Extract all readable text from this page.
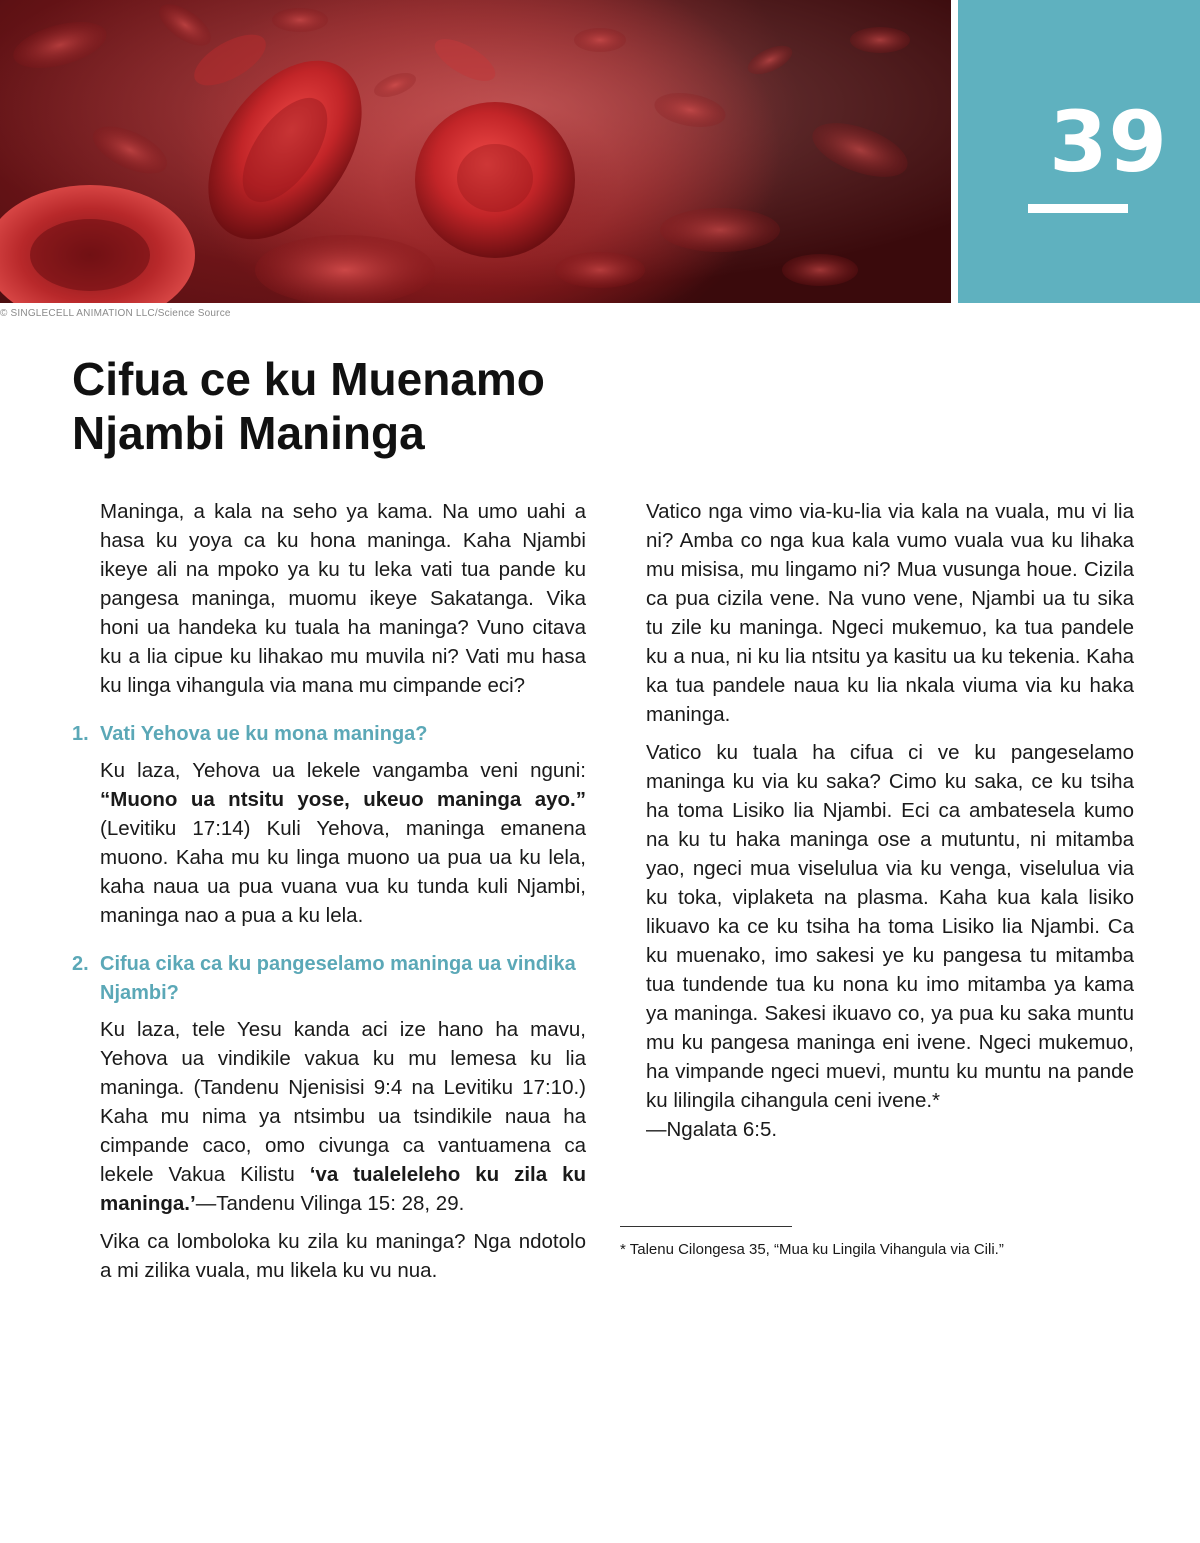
© SINGLECELL ANIMATION LLC/Science Source
39
Cifua ce ku Muenamo
Njambi Maninga

Maninga, a kala na seho ya kama. Na umo uahi a hasa ku yoya ca ku hona maninga. Kaha Njambi ikeye ali na mpoko ya ku tu leka vati tua pande ku pangesa maninga, muomu ikeye Sakatanga. Vika honi ua handeka ku tuala ha maninga? Vuno citava ku a lia cipue ku lihakao mu muvila ni? Vati mu hasa ku linga vihangula via mana mu cimpande eci?

1. Vati Yehova ue ku mona maninga?

Ku laza, Yehova ua lekele vangamba veni nguni: “Muono ua ntsitu yose, ukeuo maninga ayo.” (Levitiku 17:14) Kuli Yehova, maninga emanena muono. Kaha mu ku linga muono ua pua ua ku lela, kaha naua ua pua vuana vua ku tunda kuli Njambi, maninga nao a pua a ku lela.

2. Cifua cika ca ku pangeselamo maninga ua vindika Njambi?

Ku laza, tele Yesu kanda aci ize hano ha mavu, Yehova ua vindikile vakua ku mu lemesa ku lia maninga. (Tandenu Njenisisi 9:4 na Levitiku 17:10.) Kaha mu nima ya ntsimbu ua tsindikile naua ha cimpande caco, omo civunga ca vantuamena ca lekele Vakua Kilistu ‘va tualeleleho ku zila ku maninga.’—Tandenu Vilinga 15: 28, 29.

Vika ca lomboloka ku zila ku maninga? Nga ndotolo a mi zilika vuala, mu likela ku vu nua.

Vatico nga vimo via-ku-lia via kala na vuala, mu vi lia ni? Amba co nga kua kala vumo vuala vua ku lihaka mu misisa, mu lingamo ni? Mua vusunga houe. Cizila ca pua cizila vene. Na vuno vene, Njambi ua tu sika tu zile ku maninga. Ngeci mukemuo, ka tua pandele ku a nua, ni ku lia ntsitu ya kasitu ua ku tekenia. Kaha ka tua pandele naua ku lia nkala viuma via ku haka maninga.

Vatico ku tuala ha cifua ci ve ku pangeselamo maninga ku via ku saka? Cimo ku saka, ce ku tsiha ha toma Lisiko lia Njambi. Eci ca ambatesela kumo na ku tu haka maninga ose a mutuntu, ni mitamba yao, ngeci mua viselulua via ku venga, viselulua via ku toka, viplaketa na plasma. Kaha kua kala lisiko likuavo ka ce ku tsiha ha toma Lisiko lia Njambi. Ca ku muenako, imo sakesi ye ku pangesa tu mitamba tua tundende tua ku nona ku imo mitamba ya kama ya maninga. Sakesi ikuavo co, ya pua ku saka muntu mu ku pangesa maninga eni ivene. Ngeci mukemuo, ha vimpande ngeci muevi, muntu ku muntu na pande ku lilingila cihangula ceni ivene.*
—Ngalata 6:5.

* Talenu Cilongesa 35, “Mua ku Lingila Vihangula via Cili.”
